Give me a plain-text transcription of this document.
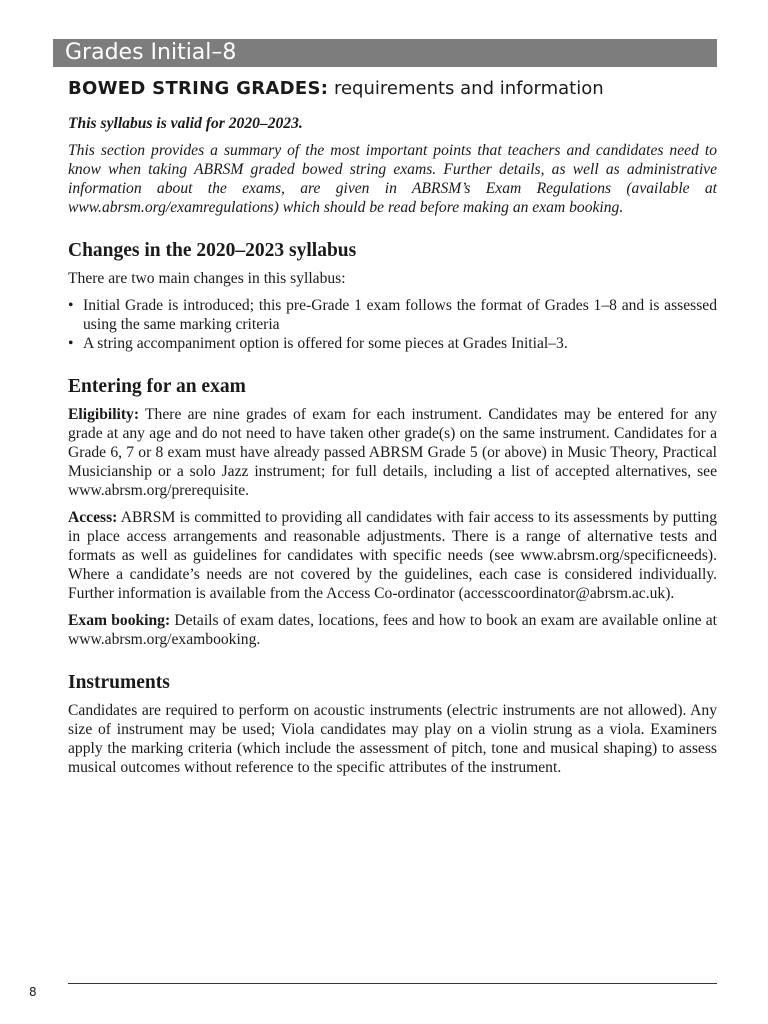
Grades Initial–8
BOWED STRING GRADES: requirements and information

This syllabus is valid for 2020–2023.

This section provides a summary of the most important points that teachers and candidates need to know when taking ABRSM graded bowed string exams. Further details, as well as administrative information about the exams, are given in ABRSM’s Exam Regulations (available at www.abrsm.org/examregulations) which should be read before making an exam booking.

Changes in the 2020–2023 syllabus

There are two main changes in this syllabus:

• Initial Grade is introduced; this pre-Grade 1 exam follows the format of Grades 1–8 and is assessed using the same marking criteria
• A string accompaniment option is offered for some pieces at Grades Initial–3.
Entering for an exam

Eligibility: There are nine grades of exam for each instrument. Candidates may be entered for any grade at any age and do not need to have taken other grade(s) on the same instrument. Candidates for a Grade 6, 7 or 8 exam must have already passed ABRSM Grade 5 (or above) in Music Theory, Practical Musicianship or a solo Jazz instrument; for full details, including a list of accepted alternatives, see www.abrsm.org/prerequisite.

Access: ABRSM is committed to providing all candidates with fair access to its assessments by putting in place access arrangements and reasonable adjustments. There is a range of alternative tests and formats as well as guidelines for candidates with specific needs (see www.abrsm.org/specificneeds). Where a candidate’s needs are not covered by the guidelines, each case is considered individually. Further information is available from the Access Co-ordinator (accesscoordinator@abrsm.ac.uk).

Exam booking: Details of exam dates, locations, fees and how to book an exam are available online at www.abrsm.org/exambooking.

Instruments

Candidates are required to perform on acoustic instruments (electric instruments are not allowed). Any size of instrument may be used; Viola candidates may play on a violin strung as a viola. Examiners apply the marking criteria (which include the assessment of pitch, tone and musical shaping) to assess musical outcomes without reference to the specific attributes of the instrument.

8
